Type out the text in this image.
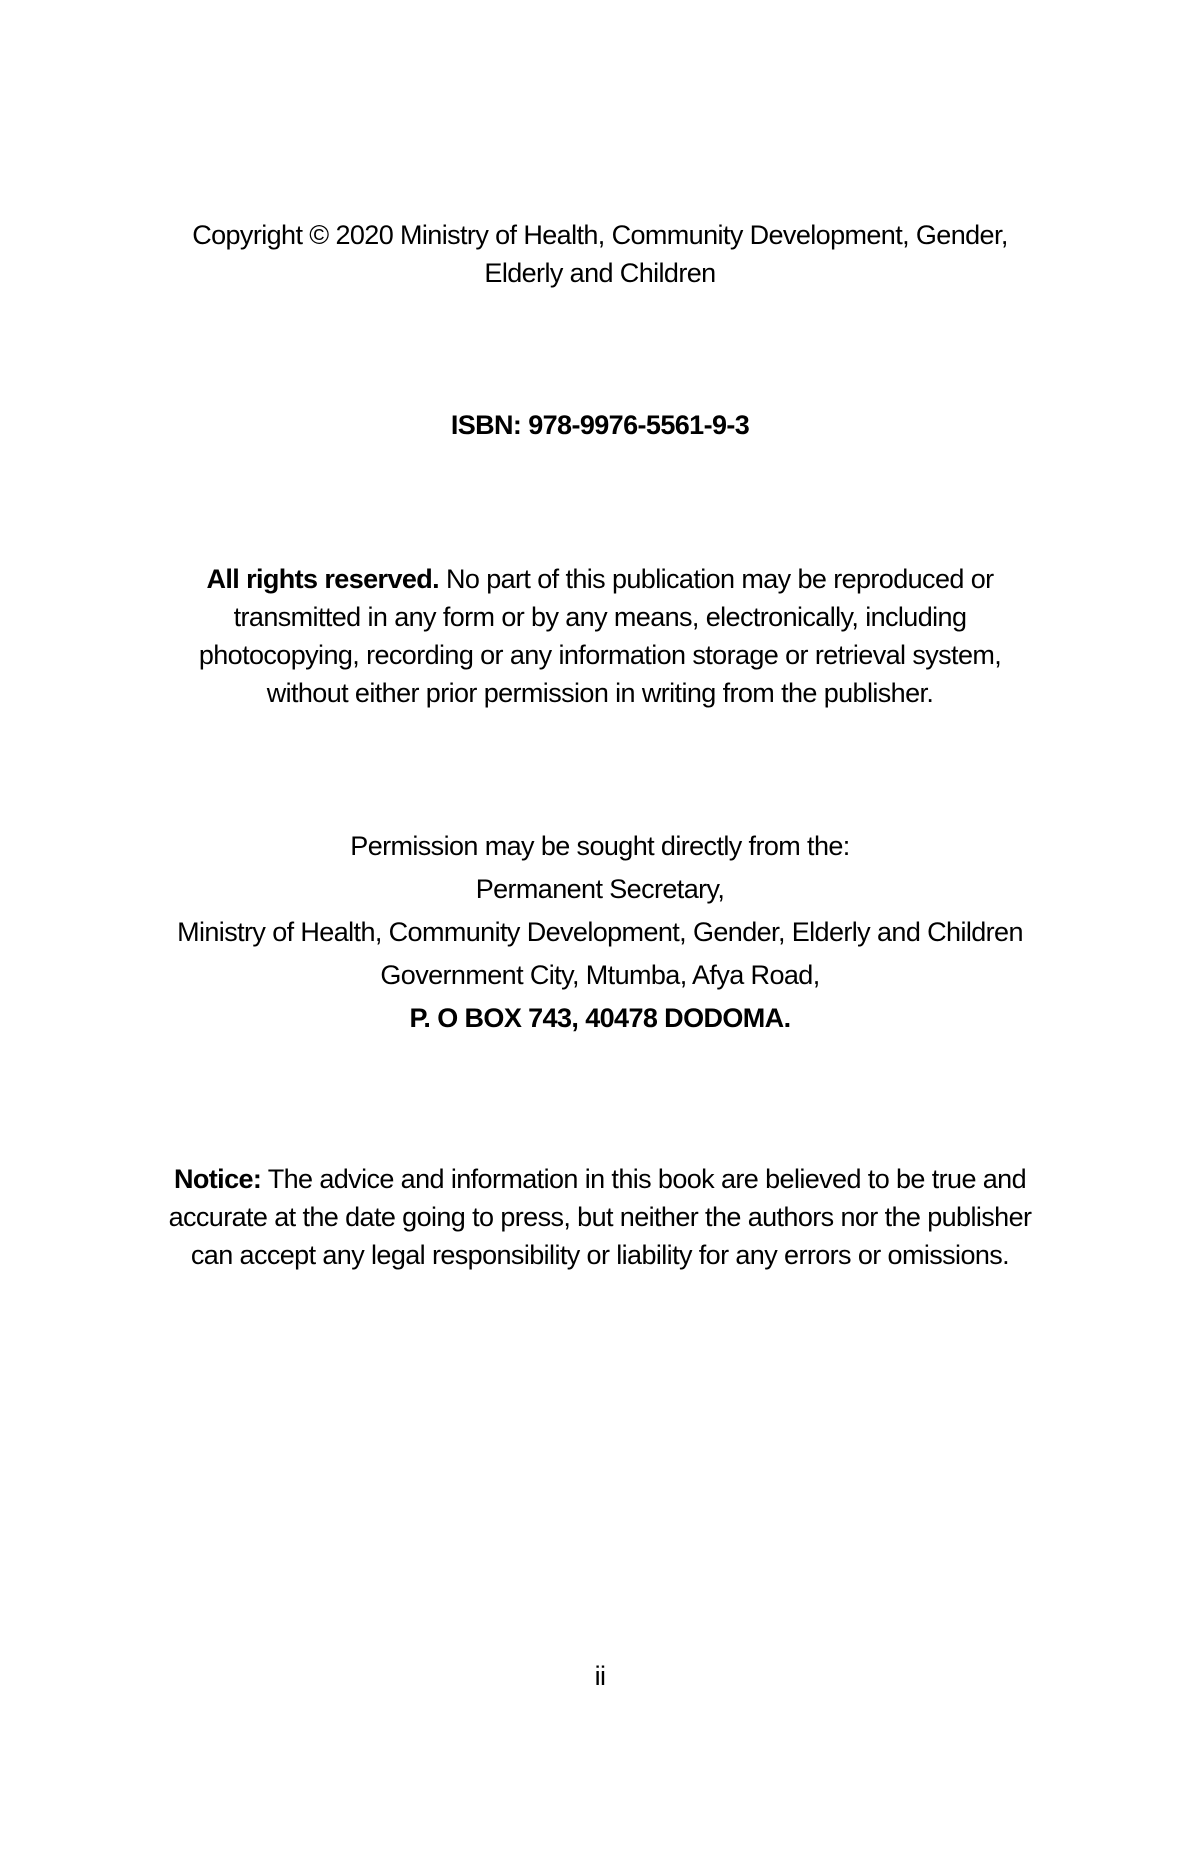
Copyright © 2020 Ministry of Health, Community Development, Gender,
Elderly and Children
ISBN: 978-9976-5561-9-3
All rights reserved. No part of this publication may be reproduced or transmitted in any form or by any means, electronically, including photocopying, recording or any information storage or retrieval system, without either prior permission in writing from the publisher.
Permission may be sought directly from the:
Permanent Secretary,
Ministry of Health, Community Development, Gender, Elderly and Children
Government City, Mtumba, Afya Road,
P. O BOX 743, 40478 DODOMA.
Notice: The advice and information in this book are believed to be true and accurate at the date going to press, but neither the authors nor the publisher can accept any legal responsibility or liability for any errors or omissions.
ii
